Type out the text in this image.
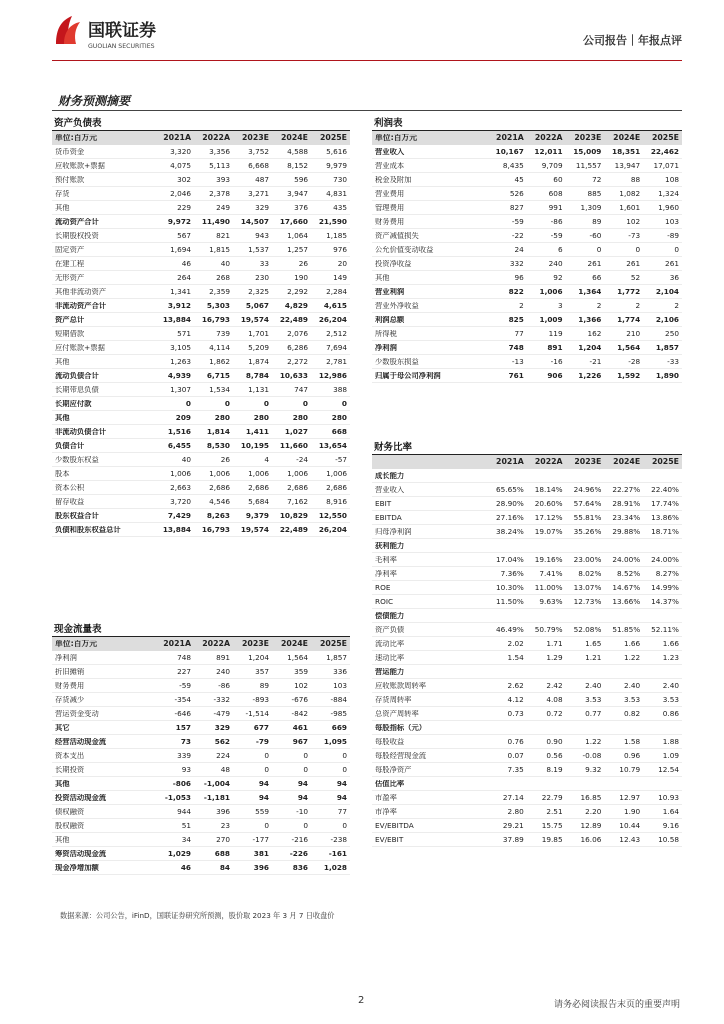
国联证券
GUOLIAN SECURITIES	公司报告｜年报点评
财务预测摘要
资产负债表
单位:百万元	2021A	2022A	2023E	2024E	2025E
货币资金	3,320	3,356	3,752	4,588	5,616
应收账款+票据	4,075	5,113	6,668	8,152	9,979
预付账款	302	393	487	596	730
存货	2,046	2,378	3,271	3,947	4,831
其他	229	249	329	376	435
流动资产合计	9,972	11,490	14,507	17,660	21,590
长期股权投资	567	821	943	1,064	1,185
固定资产	1,694	1,815	1,537	1,257	976
在建工程	46	40	33	26	20
无形资产	264	268	230	190	149
其他非流动资产	1,341	2,359	2,325	2,292	2,284
非流动资产合计	3,912	5,303	5,067	4,829	4,615
资产总计	13,884	16,793	19,574	22,489	26,204
短期借款	571	739	1,701	2,076	2,512
应付账款+票据	3,105	4,114	5,209	6,286	7,694
其他	1,263	1,862	1,874	2,272	2,781
流动负债合计	4,939	6,715	8,784	10,633	12,986
长期带息负债	1,307	1,534	1,131	747	388
长期应付款	0	0	0	0	0
其他	209	280	280	280	280
非流动负债合计	1,516	1,814	1,411	1,027	668
负债合计	6,455	8,530	10,195	11,660	13,654
少数股东权益	40	26	4	-24	-57
股本	1,006	1,006	1,006	1,006	1,006
资本公积	2,663	2,686	2,686	2,686	2,686
留存收益	3,720	4,546	5,684	7,162	8,916
股东权益合计	7,429	8,263	9,379	10,829	12,550
负债和股东权益总计	13,884	16,793	19,574	22,489	26,204
利润表
单位:百万元	2021A	2022A	2023E	2024E	2025E
营业收入	10,167	12,011	15,009	18,351	22,462
营业成本	8,435	9,709	11,557	13,947	17,071
税金及附加	45	60	72	88	108
营业费用	526	608	885	1,082	1,324
管理费用	827	991	1,309	1,601	1,960
财务费用	-59	-86	89	102	103
资产减值损失	-22	-59	-60	-73	-89
公允价值变动收益	24	6	0	0	0
投资净收益	332	240	261	261	261
其他	96	92	66	52	36
营业利润	822	1,006	1,364	1,772	2,104
营业外净收益	2	3	2	2	2
利润总额	825	1,009	1,366	1,774	2,106
所得税	77	119	162	210	250
净利润	748	891	1,204	1,564	1,857
少数股东损益	-13	-16	-21	-28	-33
归属于母公司净利润	761	906	1,226	1,592	1,890
财务比率
2021A	2022A	2023E	2024E	2025E
成长能力
营业收入	65.65%	18.14%	24.96%	22.27%	22.40%
EBIT	28.90%	20.60%	57.64%	28.91%	17.74%
EBITDA	27.16%	17.12%	55.81%	23.34%	13.86%
归母净利润	38.24%	19.07%	35.26%	29.88%	18.71%
获利能力
毛利率	17.04%	19.16%	23.00%	24.00%	24.00%
净利率	7.36%	7.41%	8.02%	8.52%	8.27%
ROE	10.30%	11.00%	13.07%	14.67%	14.99%
ROIC	11.50%	9.63%	12.73%	13.66%	14.37%
偿债能力
资产负债	46.49%	50.79%	52.08%	51.85%	52.11%
流动比率	2.02	1.71	1.65	1.66	1.66
速动比率	1.54	1.29	1.21	1.22	1.23
营运能力
应收账款周转率	2.62	2.42	2.40	2.40	2.40
存货周转率	4.12	4.08	3.53	3.53	3.53
总资产周转率	0.73	0.72	0.77	0.82	0.86
每股指标（元）
每股收益	0.76	0.90	1.22	1.58	1.88
每股经营现金流	0.07	0.56	-0.08	0.96	1.09
每股净资产	7.35	8.19	9.32	10.79	12.54
估值比率
市盈率	27.14	22.79	16.85	12.97	10.93
市净率	2.80	2.51	2.20	1.90	1.64
EV/EBITDA	29.21	15.75	12.89	10.44	9.16
EV/EBIT	37.89	19.85	16.06	12.43	10.58
现金流量表
单位:百万元	2021A	2022A	2023E	2024E	2025E
净利润	748	891	1,204	1,564	1,857
折旧摊销	227	240	357	359	336
财务费用	-59	-86	89	102	103
存货减少	-354	-332	-893	-676	-884
营运资金变动	-646	-479	-1,514	-842	-985
其它	157	329	677	461	669
经营活动现金流	73	562	-79	967	1,095
资本支出	339	224	0	0	0
长期投资	93	48	0	0	0
其他	-806	-1,004	94	94	94
投资活动现金流	-1,053	-1,181	94	94	94
债权融资	944	396	559	-10	77
股权融资	51	23	0	0	0
其他	34	270	-177	-216	-238
筹资活动现金流	1,029	688	381	-226	-161
现金净增加额	46	84	396	836	1,028
数据来源：公司公告，iFinD，国联证券研究所预测，股价取 2023 年 3 月 7 日收盘价
2	请务必阅读报告末页的重要声明
